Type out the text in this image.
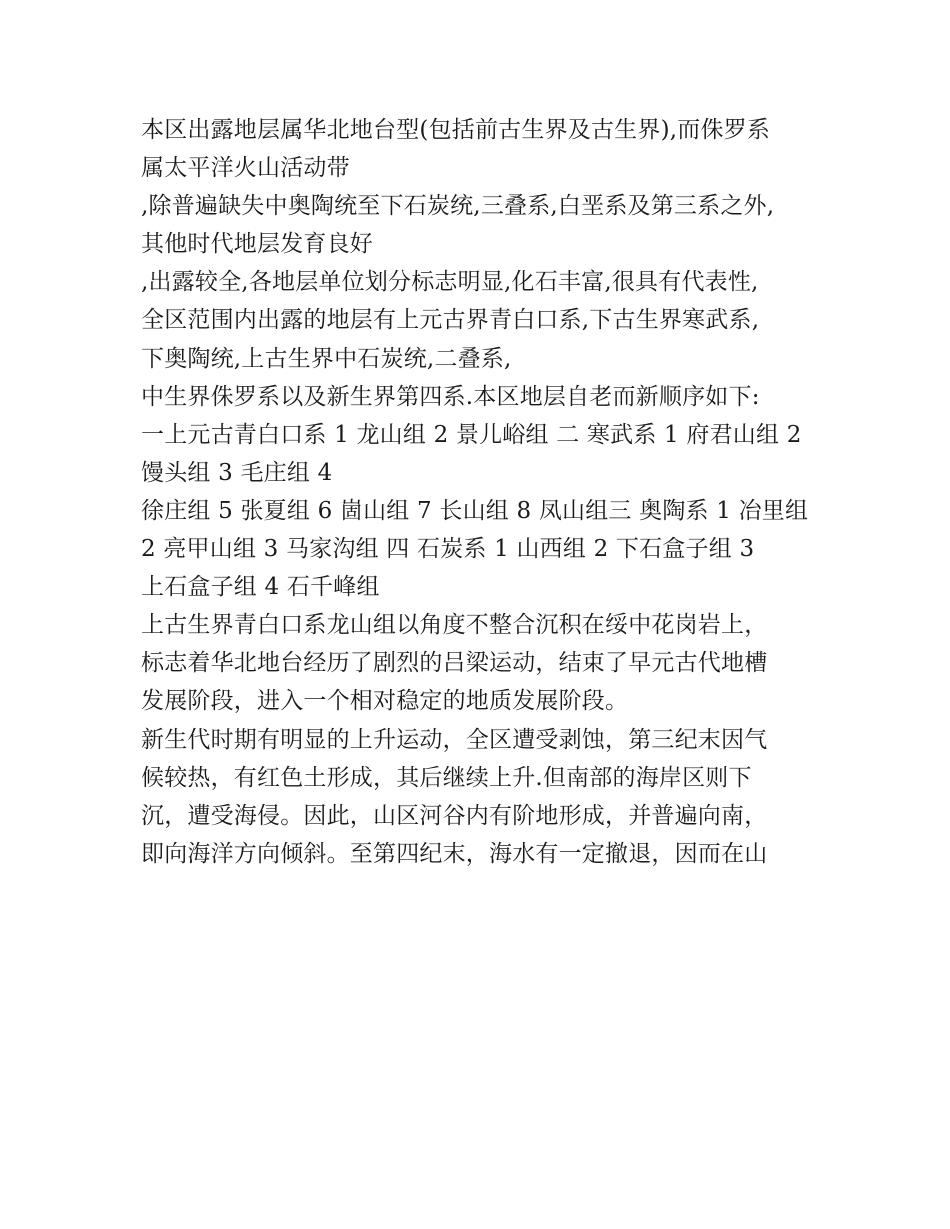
本区出露地层属华北地台型(包括前古生界及古生界),而侏罗系
属太平洋火山活动带
,除普遍缺失中奥陶统至下石炭统,三叠系,白垩系及第三系之外,
其他时代地层发育良好
,出露较全,各地层单位划分标志明显,化石丰富,很具有代表性,
全区范围内出露的地层有上元古界青白口系,下古生界寒武系,
下奥陶统,上古生界中石炭统,二叠系,
中生界侏罗系以及新生界第四系.本区地层自老而新顺序如下:
一上元古青白口系 1 龙山组 2 景儿峪组 二 寒武系 1 府君山组 2
馒头组 3 毛庄组 4
徐庄组 5 张夏组 6 崮山组 7 长山组 8 凤山组三 奥陶系 1 冶里组
2 亮甲山组 3 马家沟组 四 石炭系 1 山西组 2 下石盒子组 3
上石盒子组 4 石千峰组
上古生界青白口系龙山组以角度不整合沉积在绥中花岗岩上，
标志着华北地台经历了剧烈的吕梁运动，结束了早元古代地槽
发展阶段，进入一个相对稳定的地质发展阶段。
新生代时期有明显的上升运动，全区遭受剥蚀，第三纪末因气
候较热，有红色土形成，其后继续上升.但南部的海岸区则下
沉，遭受海侵。因此，山区河谷内有阶地形成，并普遍向南，
即向海洋方向倾斜。至第四纪末，海水有一定撤退，因而在山
